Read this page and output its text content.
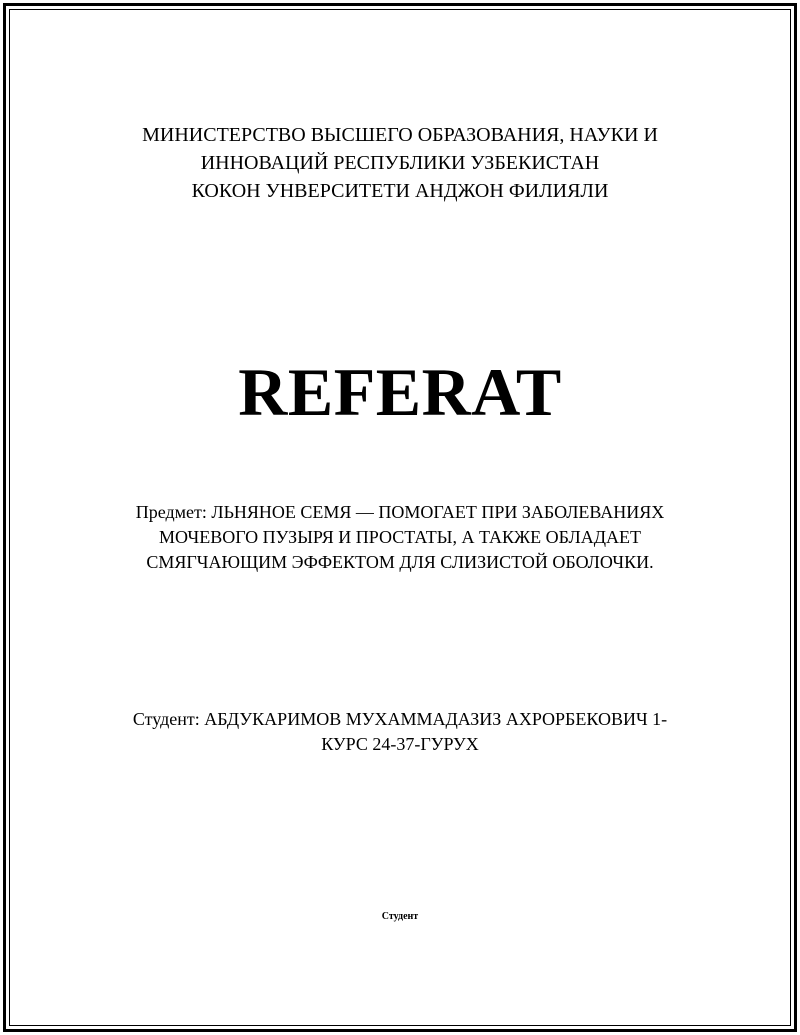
МИНИСТЕРСТВО ВЫСШЕГО ОБРАЗОВАНИЯ, НАУКИ И
ИННОВАЦИЙ РЕСПУБЛИКИ УЗБЕКИСТАН
КОКОН УНВЕРСИТЕТИ АНДЖОН ФИЛИЯЛИ
REFERAT
Предмет: ЛЬНЯНОЕ СЕМЯ — ПОМОГАЕТ ПРИ ЗАБОЛЕВАНИЯХ МОЧЕВОГО ПУЗЫРЯ И ПРОСТАТЫ, А ТАКЖЕ ОБЛАДАЕТ СМЯГЧАЮЩИМ ЭФФЕКТОМ ДЛЯ СЛИЗИСТОЙ ОБОЛОЧКИ.
Студент: АБДУКАРИМОВ МУХАММАДАЗИЗ АХРОРБЕКОВИЧ 1-КУРС 24-37-ГУРУХ
Студент
